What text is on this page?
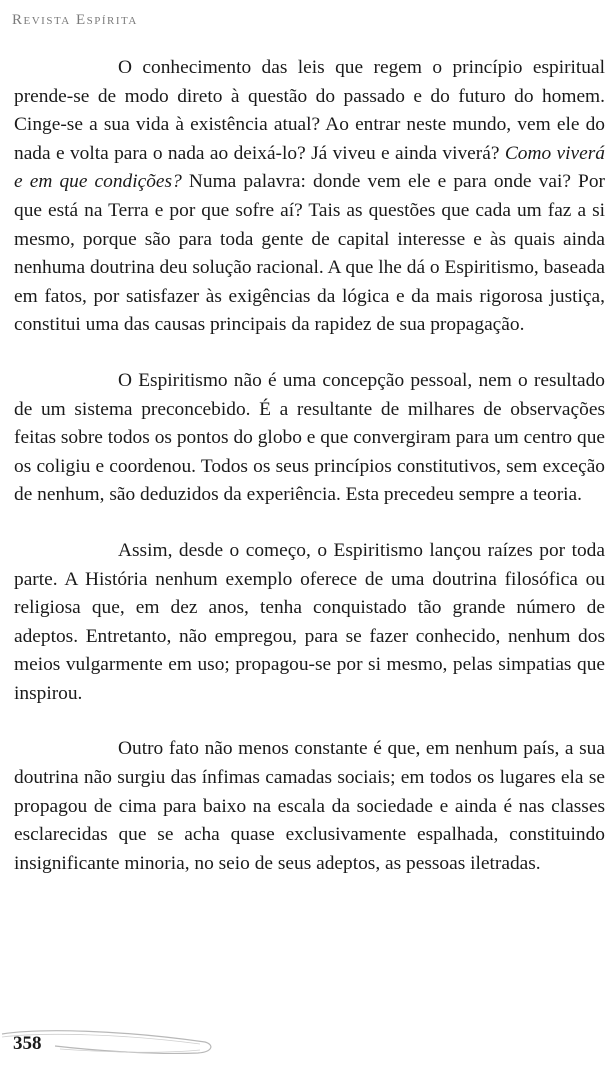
Revista Espírita

O conhecimento das leis que regem o princípio espiritual prende-se de modo direto à questão do passado e do futuro do homem. Cinge-se a sua vida à existência atual? Ao entrar neste mundo, vem ele do nada e volta para o nada ao deixá-lo? Já viveu e ainda viverá? Como viverá e em que condições? Numa palavra: donde vem ele e para onde vai? Por que está na Terra e por que sofre aí? Tais as questões que cada um faz a si mesmo, porque são para toda gente de capital interesse e às quais ainda nenhuma doutrina deu solução racional. A que lhe dá o Espiritismo, baseada em fatos, por satisfazer às exigências da lógica e da mais rigorosa justiça, constitui uma das causas principais da rapidez de sua propagação.

O Espiritismo não é uma concepção pessoal, nem o resultado de um sistema preconcebido. É a resultante de milhares de observações feitas sobre todos os pontos do globo e que convergiram para um centro que os coligiu e coordenou. Todos os seus princípios constitutivos, sem exceção de nenhum, são deduzidos da experiência. Esta precedeu sempre a teoria.

Assim, desde o começo, o Espiritismo lançou raízes por toda parte. A História nenhum exemplo oferece de uma doutrina filosófica ou religiosa que, em dez anos, tenha conquistado tão grande número de adeptos. Entretanto, não empregou, para se fazer conhecido, nenhum dos meios vulgarmente em uso; propagou-se por si mesmo, pelas simpatias que inspirou.

Outro fato não menos constante é que, em nenhum país, a sua doutrina não surgiu das ínfimas camadas sociais; em todos os lugares ela se propagou de cima para baixo na escala da sociedade e ainda é nas classes esclarecidas que se acha quase exclusivamente espalhada, constituindo insignificante minoria, no seio de seus adeptos, as pessoas iletradas.

358
